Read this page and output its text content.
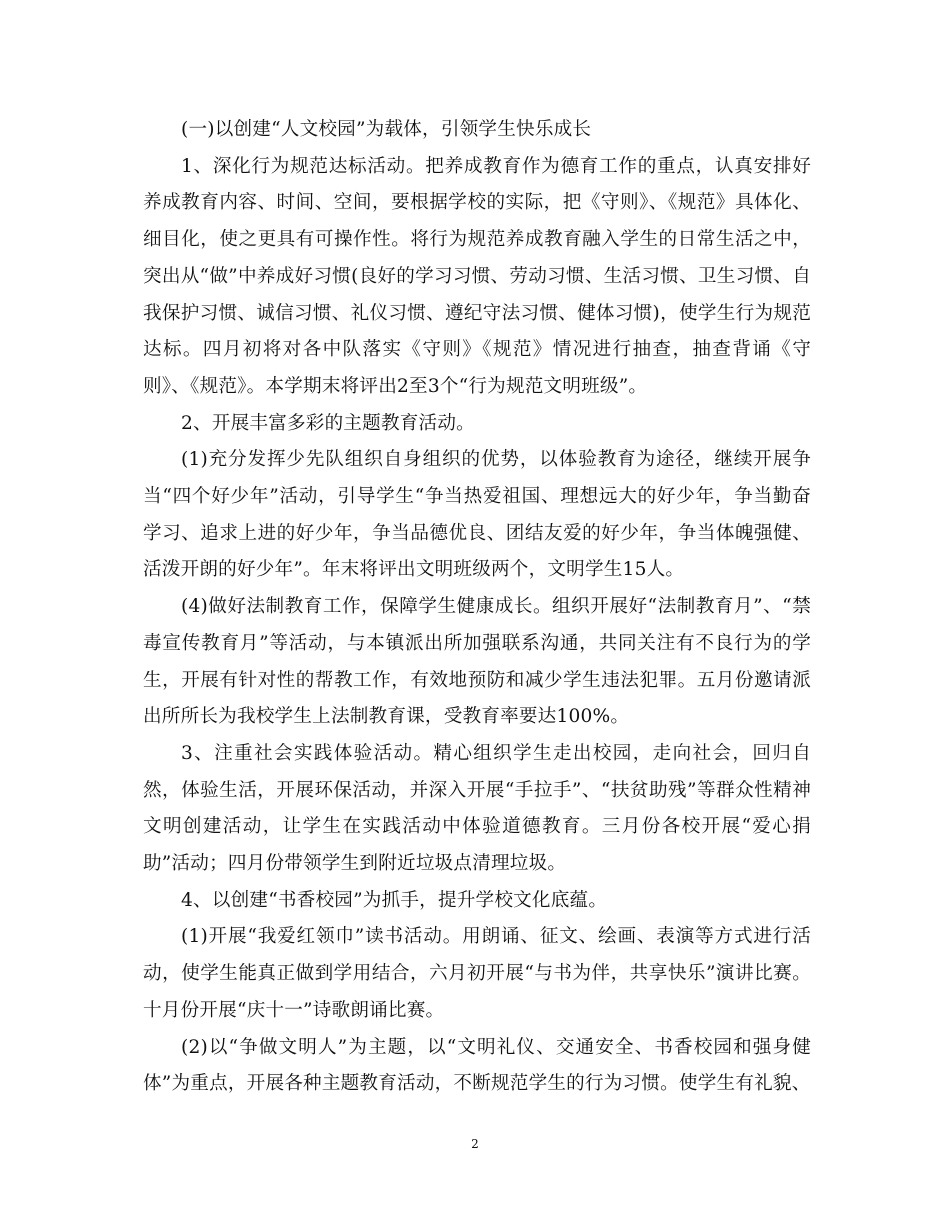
(一)以创建“人文校园”为载体，引领学生快乐成长

1、深化行为规范达标活动。把养成教育作为德育工作的重点，认真安排好养成教育内容、时间、空间，要根据学校的实际，把《守则》、《规范》具体化、细目化，使之更具有可操作性。将行为规范养成教育融入学生的日常生活之中，突出从“做”中养成好习惯(良好的学习习惯、劳动习惯、生活习惯、卫生习惯、自我保护习惯、诚信习惯、礼仪习惯、遵纪守法习惯、健体习惯)，使学生行为规范达标。四月初将对各中队落实《守则》《规范》情况进行抽查，抽查背诵《守则》、《规范》。本学期末将评出2至3个“行为规范文明班级”。

2、开展丰富多彩的主题教育活动。

(1)充分发挥少先队组织自身组织的优势，以体验教育为途径，继续开展争当“四个好少年”活动，引导学生“争当热爱祖国、理想远大的好少年，争当勤奋学习、追求上进的好少年，争当品德优良、团结友爱的好少年，争当体魄强健、活泼开朗的好少年”。年末将评出文明班级两个，文明学生15人。

(4)做好法制教育工作，保障学生健康成长。组织开展好“法制教育月”、“禁毒宣传教育月”等活动，与本镇派出所加强联系沟通，共同关注有不良行为的学生，开展有针对性的帮教工作，有效地预防和减少学生违法犯罪。五月份邀请派出所所长为我校学生上法制教育课，受教育率要达100%。

3、注重社会实践体验活动。精心组织学生走出校园，走向社会，回归自然，体验生活，开展环保活动，并深入开展“手拉手”、“扶贫助残”等群众性精神文明创建活动，让学生在实践活动中体验道德教育。三月份各校开展“爱心捐助”活动；四月份带领学生到附近垃圾点清理垃圾。

4、以创建“书香校园”为抓手，提升学校文化底蕴。

(1)开展“我爱红领巾”读书活动。用朗诵、征文、绘画、表演等方式进行活动，使学生能真正做到学用结合，六月初开展“与书为伴，共享快乐”演讲比赛。十月份开展“庆十一”诗歌朗诵比赛。

(2)以“争做文明人”为主题，以“文明礼仪、交通安全、书香校园和强身健体”为重点，开展各种主题教育活动，不断规范学生的行为习惯。使学生有礼貌、

2
